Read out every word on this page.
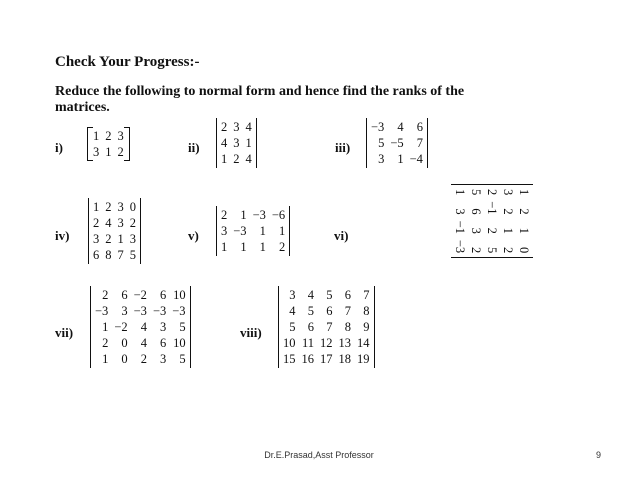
Check Your Progress:-
Reduce the following to normal form and hence find the ranks of the matrices.
i)	ii)	iii)
iv)	v)	vi)
vii)	viii)
1	2	3
3	1	2
2	3	4
4	3	1
1	2	4
−3	4	6
5	−5	7
3	1	−4
1	2	3	0
2	4	3	2
3	2	1	3
6	8	7	5
2	1	−3	−6
3	−3	1	1
1	1	1	2
1	2	1	0
3	2	1	2
2	−1	2	5
5	6	3	2
1	3	−1	−3
2	6	−2	6	10
−3	3	−3	−3	−3
1	−2	4	3	5
2	0	4	6	10
1	0	2	3	5
3	4	5	6	7
4	5	6	7	8
5	6	7	8	9
10	11	12	13	14
15	16	17	18	19
Dr.E.Prasad,Asst Professor	9
